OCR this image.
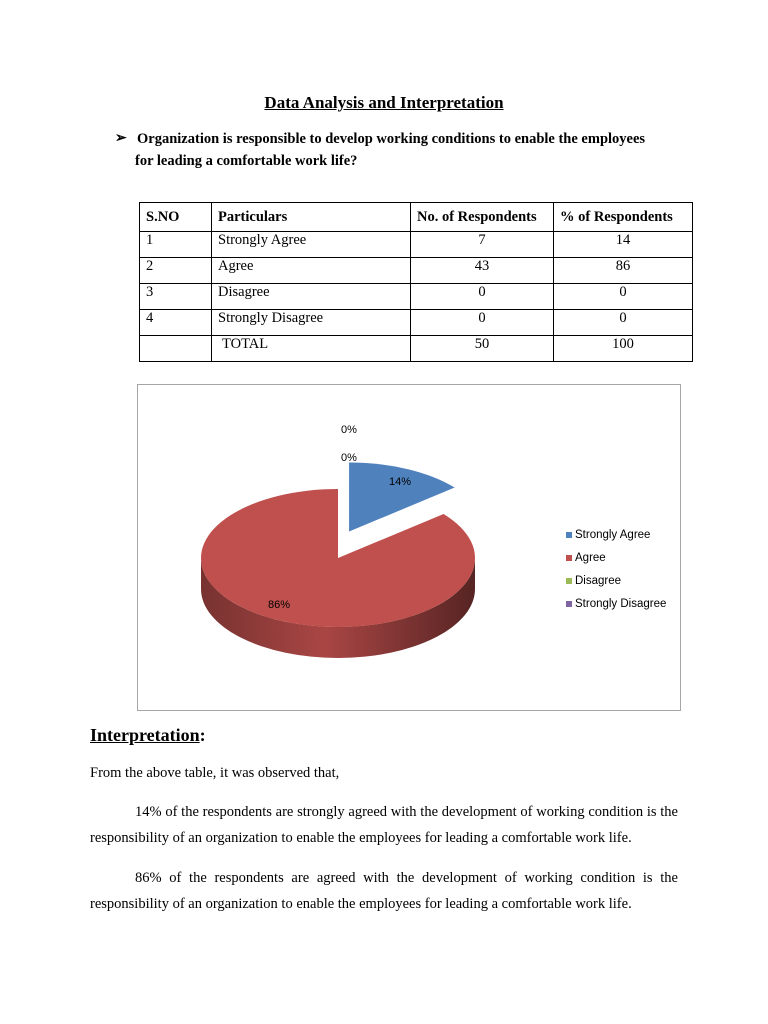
Data Analysis and Interpretation
➢ Organization is responsible to develop working conditions to enable the employees
for leading a comfortable work life?
S.NO	Particulars	No. of Respondents	% of Respondents
1	Strongly Agree	7	14
2	Agree	43	86
3	Disagree	0	0
4	Strongly Disagree	0	0
	TOTAL	50	100
14%
86%
0%
0%
Strongly Agree
Agree
Disagree
Strongly Disagree
Interpretation:
From the above table, it was observed that,
14% of the respondents are strongly agreed with the development of working condition is the responsibility of an organization to enable the employees for leading a comfortable work life.
86% of the respondents are agreed with the development of working condition is the responsibility of an organization to enable the employees for leading a comfortable work life.
